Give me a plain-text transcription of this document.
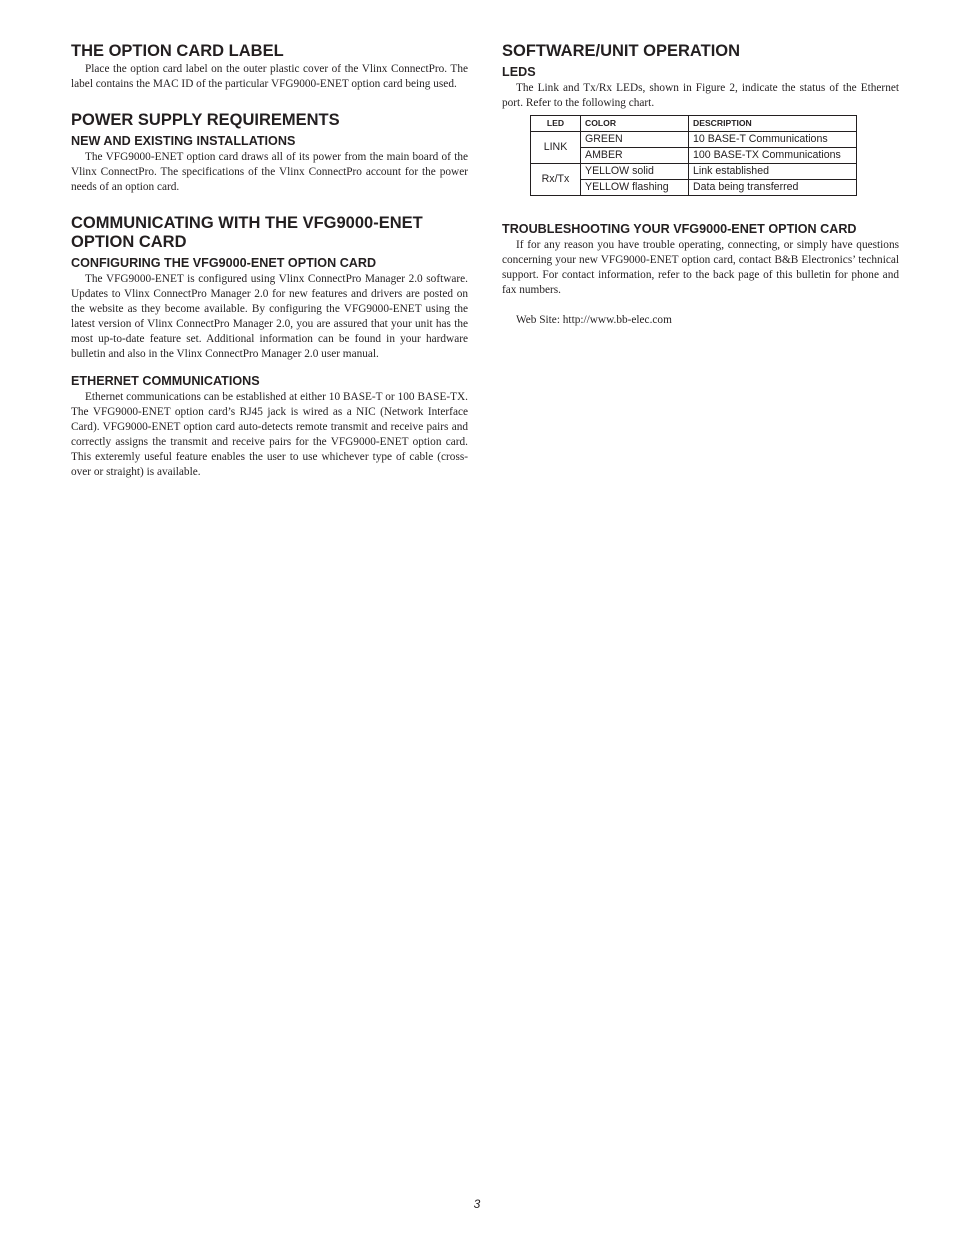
THE OPTION CARD LABEL

Place the option card label on the outer plastic cover of the Vlinx ConnectPro. The label contains the MAC ID of the particular VFG9000-ENET option card being used.

POWER SUPPLY REQUIREMENTS
NEW AND EXISTING INSTALLATIONS

The VFG9000-ENET option card draws all of its power from the main board of the Vlinx ConnectPro. The specifications of the Vlinx ConnectPro account for the power needs of an option card.

COMMUNICATING WITH THE VFG9000-ENET OPTION CARD
CONFIGURING THE VFG9000-ENET OPTION CARD

The VFG9000-ENET is configured using Vlinx ConnectPro Manager 2.0 software. Updates to Vlinx ConnectPro Manager 2.0 for new features and drivers are posted on the website as they become available. By configuring the VFG9000-ENET using the latest version of Vlinx ConnectPro Manager 2.0, you are assured that your unit has the most up-to-date feature set. Additional information can be found in your hardware bulletin and also in the Vlinx ConnectPro Manager 2.0 user manual.

ETHERNET COMMUNICATIONS

Ethernet communications can be established at either 10 BASE-T or 100 BASE-TX. The VFG9000-ENET option card’s RJ45 jack is wired as a NIC (Network Interface Card). VFG9000-ENET option card auto-detects remote transmit and receive pairs and correctly assigns the transmit and receive pairs for the VFG9000-ENET option card. This exteremly useful feature enables the user to use whichever type of cable (cross-over or straight) is available.

SOFTWARE/UNIT OPERATION
LEDS

The Link and Tx/Rx LEDs, shown in Figure 2, indicate the status of the Ethernet port. Refer to the following chart.

LED	COLOR	DESCRIPTION
LINK	GREEN	10 BASE-T Communications
	AMBER	100 BASE-TX Communications
Rx/Tx	YELLOW solid	Link established
	YELLOW flashing	Data being transferred
TROUBLESHOOTING YOUR VFG9000-ENET OPTION CARD

If for any reason you have trouble operating, connecting, or simply have questions concerning your new VFG9000-ENET option card, contact B&B Electronics’ technical support. For contact information, refer to the back page of this bulletin for phone and fax numbers.

Web Site: http://www.bb-elec.com

3
